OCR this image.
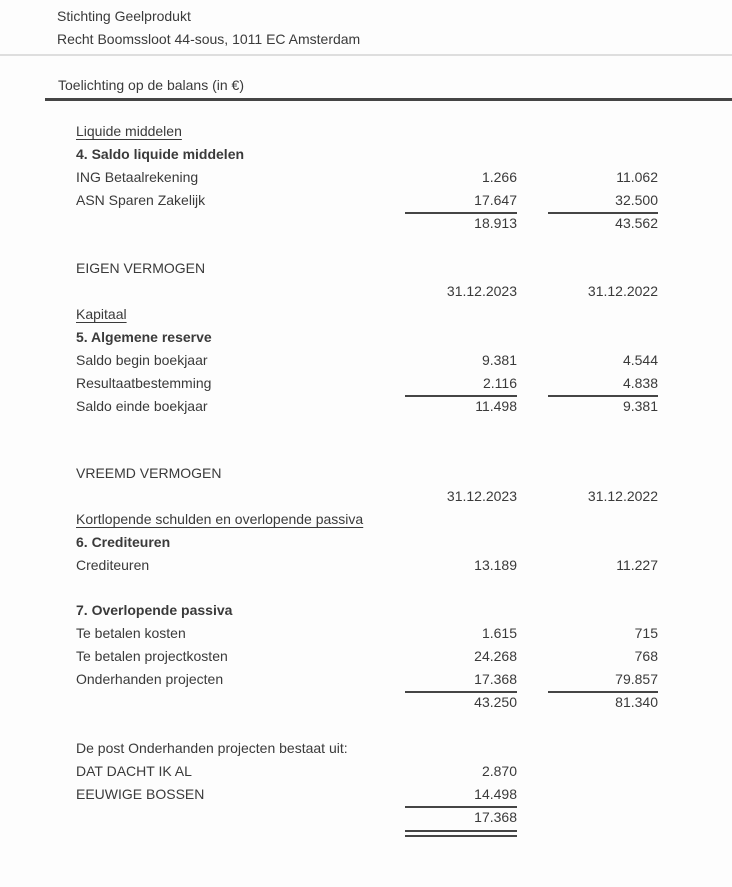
Stichting Geelprodukt
Recht Boomssloot 44-sous, 1011 EC Amsterdam
Toelichting op de balans (in €)
Liquide middelen
4. Saldo liquide middelen
ING Betaalrekening	1.266	11.062
ASN Sparen Zakelijk	17.647	32.500
18.913	43.562
EIGEN VERMOGEN
31.12.2023	31.12.2022
Kapitaal
5. Algemene reserve
Saldo begin boekjaar	9.381	4.544
Resultaatbestemming	2.116	4.838
Saldo einde boekjaar	11.498	9.381
VREEMD VERMOGEN
31.12.2023	31.12.2022
Kortlopende schulden en overlopende passiva
6. Crediteuren
Crediteuren	13.189	11.227
7. Overlopende passiva
Te betalen kosten	1.615	715
Te betalen projectkosten	24.268	768
Onderhanden projecten	17.368	79.857
43.250	81.340
De post Onderhanden projecten bestaat uit:
DAT DACHT IK AL	2.870
EEUWIGE BOSSEN	14.498
17.368
